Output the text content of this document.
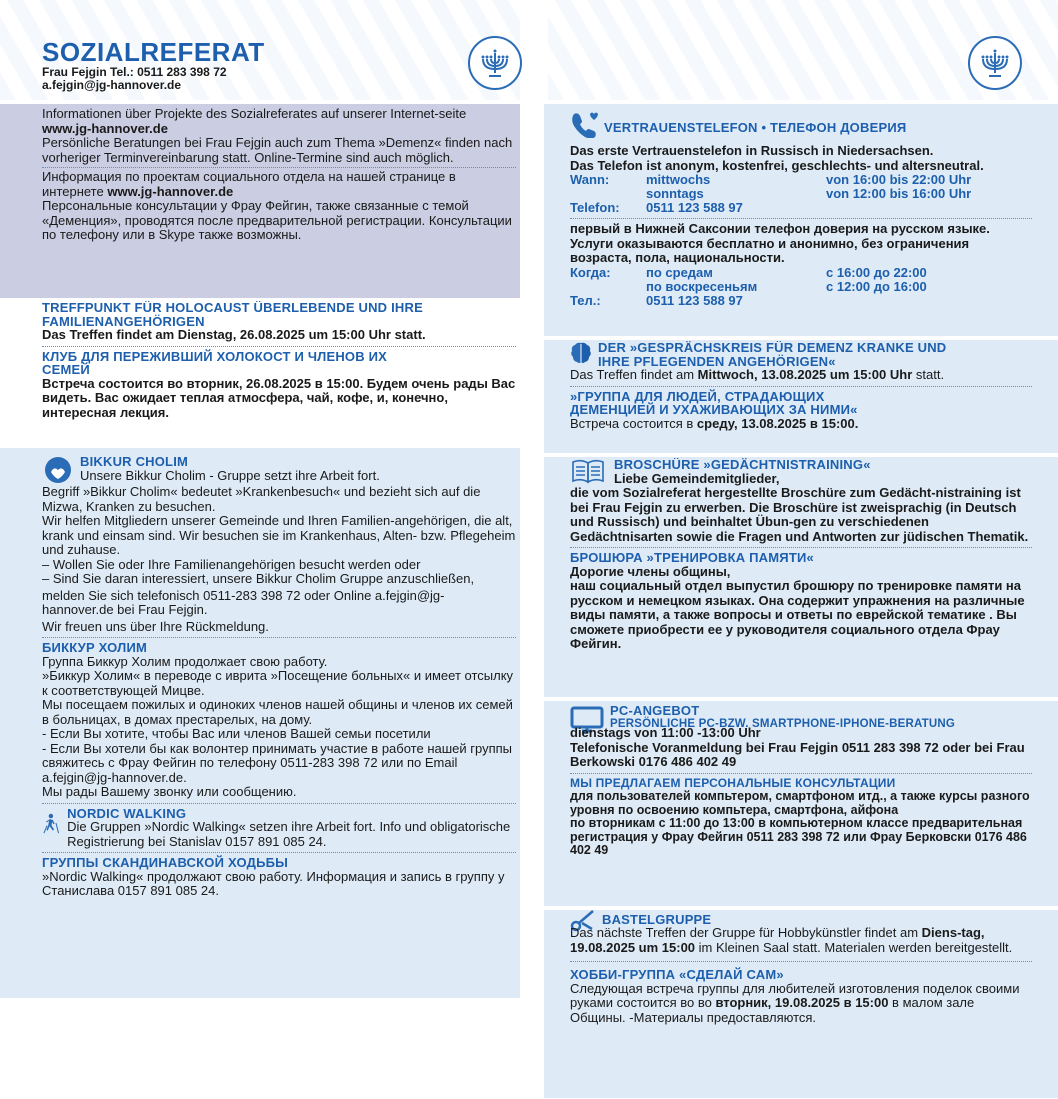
SOZIALREFERAT
Frau Fejgin Tel.: 0511 283 398 72
a.fejgin@jg-hannover.de

Informationen über Projekte des Sozialreferates auf unserer Internet-seite www.jg-hannover.de

Persönliche Beratungen bei Frau Fejgin auch zum Thema »Demenz« finden nach vorheriger Terminvereinbarung statt. Online-Termine sind auch möglich.

Информация по проектам социального отдела на нашей странице в интернете www.jg-hannover.de

Персональные консультации у Фрау Фейгин, также связанные с темой «Деменция», проводятся после предварительной регистрации. Консультации по телефону или в Skype также возможны.

TREFFPUNKT FÜR HOLOCAUST ÜBERLEBENDE UND IHRE FAMILIENANGEHÖRIGEN

Das Treffen findet am Dienstag, 26.08.2025 um 15:00 Uhr statt.

КЛУБ ДЛЯ ПЕРЕЖИВШИЙ ХОЛОКОСТ И ЧЛЕНОВ ИХ СЕМЕЙ

Встреча состоится во вторник, 26.08.2025 в 15:00. Будем очень рады Вас видеть. Вас ожидает теплая атмосфера, чай, кофе, и, конечно, интересная лекция.

BIKKUR CHOLIM

Unsere Bikkur Cholim - Gruppe setzt ihre Arbeit fort.

Begriff »Bikkur Cholim« bedeutet »Krankenbesuch« und bezieht sich auf die Mizwa, Kranken zu besuchen.

Wir helfen Mitgliedern unserer Gemeinde und Ihren Familien-angehörigen, die alt, krank und einsam sind. Wir besuchen sie im Krankenhaus, Alten- bzw. Pflegeheim und zuhause.

– Wollen Sie oder Ihre Familienangehörigen besucht werden oder

– Sind Sie daran interessiert, unsere Bikkur Cholim Gruppe anzuschließen,

melden Sie sich telefonisch 0511-283 398 72 oder Online a.fejgin@jg-hannover.de bei Frau Fejgin.

Wir freuen uns über Ihre Rückmeldung.

БИККУР ХОЛИМ

Группа Биккур Холим продолжает свою работу.

»Биккур Холим« в переводе с иврита »Посещение больных« и имеет отсылку к соответствующей Мицве.

Мы посещаем пожилых и одиноких членов нашей общины и членов их семей в больницах, в домах престарелых, на дому.

- Если Вы хотите, чтобы Вас или членов Вашей семьи посетили

- Если Вы хотели бы как волонтер принимать участие в работе нашей группы

свяжитесь с Фрау Фейгин по телефону 0511-283 398 72 или по Email a.fejgin@jg-hannover.de.

Мы рады Вашему звонку или сообщению.

NORDIC WALKING

Die Gruppen »Nordic Walking« setzen ihre Arbeit fort. Info und obligatorische Registrierung bei Stanislav 0157 891 085 24.

ГРУППЫ СКАНДИНАВСКОЙ ХОДЬБЫ

»Nordic Walking« продолжают свою работу. Информация и запись в группу у Станислава 0157 891 085 24.

VERTRAUENSTELEFON • ТЕЛЕФОН ДОВЕРИЯ

Das erste Vertrauenstelefon in Russisch in Niedersachsen.

Das Telefon ist anonym, kostenfrei, geschlechts- und altersneutral.

Wann:	mittwochs	von 16:00 bis 22:00 Uhr
sonntags	von 12:00 bis 16:00 Uhr
Telefon:	0511 123 588 97

первый в Нижней Саксонии телефон доверия на русском языке. Услуги оказываются бесплатно и анонимно, без ограничения возраста, пола, национальности.

Когда:	по средам	с 16:00 до 22:00
по воскресеньям	с 12:00 до 16:00
Тел.:	0511 123 588 97
DER »GESPRÄCHSKREIS FÜR DEMENZ KRANKE UND IHRE PFLEGENDEN ANGEHÖRIGEN«

Das Treffen findet am Mittwoch, 13.08.2025 um 15:00 Uhr statt.

»ГРУППА ДЛЯ ЛЮДЕЙ, СТРАДАЮЩИХ ДЕМЕНЦИЕЙ И УХАЖИВАЮЩИХ ЗА НИМИ«

Встреча состоится в среду, 13.08.2025 в 15:00.

BROSCHÜRE »GEDÄCHTNISTRAINING«

Liebe Gemeindemitglieder,

die vom Sozialreferat hergestellte Broschüre zum Gedächt-nistraining ist bei Frau Fejgin zu erwerben. Die Broschüre ist zweisprachig (in Deutsch und Russisch) und beinhaltet Übun-gen zu verschiedenen Gedächtnisarten sowie die Fragen und Antworten zur jüdischen Thematik.

БРОШЮРА »ТРЕНИРОВКА ПАМЯТИ«

Дорогие члены общины,

наш социальный отдел выпустил брошюру по тренировке памяти на русском и немецком языках. Она содержит упражнения на различные виды памяти, а также вопросы и ответы по еврейской тематике . Вы сможете приобрести ее у руководителя социального отдела Фрау Фейгин.

PC-ANGEBOT
PERSÖNLICHE PC-BZW. SMARTPHONE-IPHONE-BERATUNG

dienstags von 11:00 -13:00 Uhr

Telefonische Voranmeldung bei Frau Fejgin 0511 283 398 72 oder bei Frau Berkowski 0176 486 402 49

МЫ ПРЕДЛАГАЕМ ПЕРСОНАЛЬНЫЕ КОНСУЛЬТАЦИИ

для пользователей компьтером, смартфоном итд., а также курсы разного уровня по освоению компьтера, смартфона, айфона

по вторникам с 11:00 до 13:00 в компьютерном классе предварительная регистрация у Фрау Фейгин 0511 283 398 72 или Фрау Берковски 0176 486 402 49

BASTELGRUPPE

Das nächste Treffen der Gruppe für Hobbykünstler findet am Diens-tag, 19.08.2025 um 15:00 im Kleinen Saal statt. Materialen werden bereitgestellt.

ХОББИ-ГРУППА «СДЕЛАЙ САМ»

Следующая встреча группы для любителей изготовления поделок своими руками состоится во во вторник, 19.08.2025 в 15:00 в малом зале Общины. -Материалы предоставляются.
